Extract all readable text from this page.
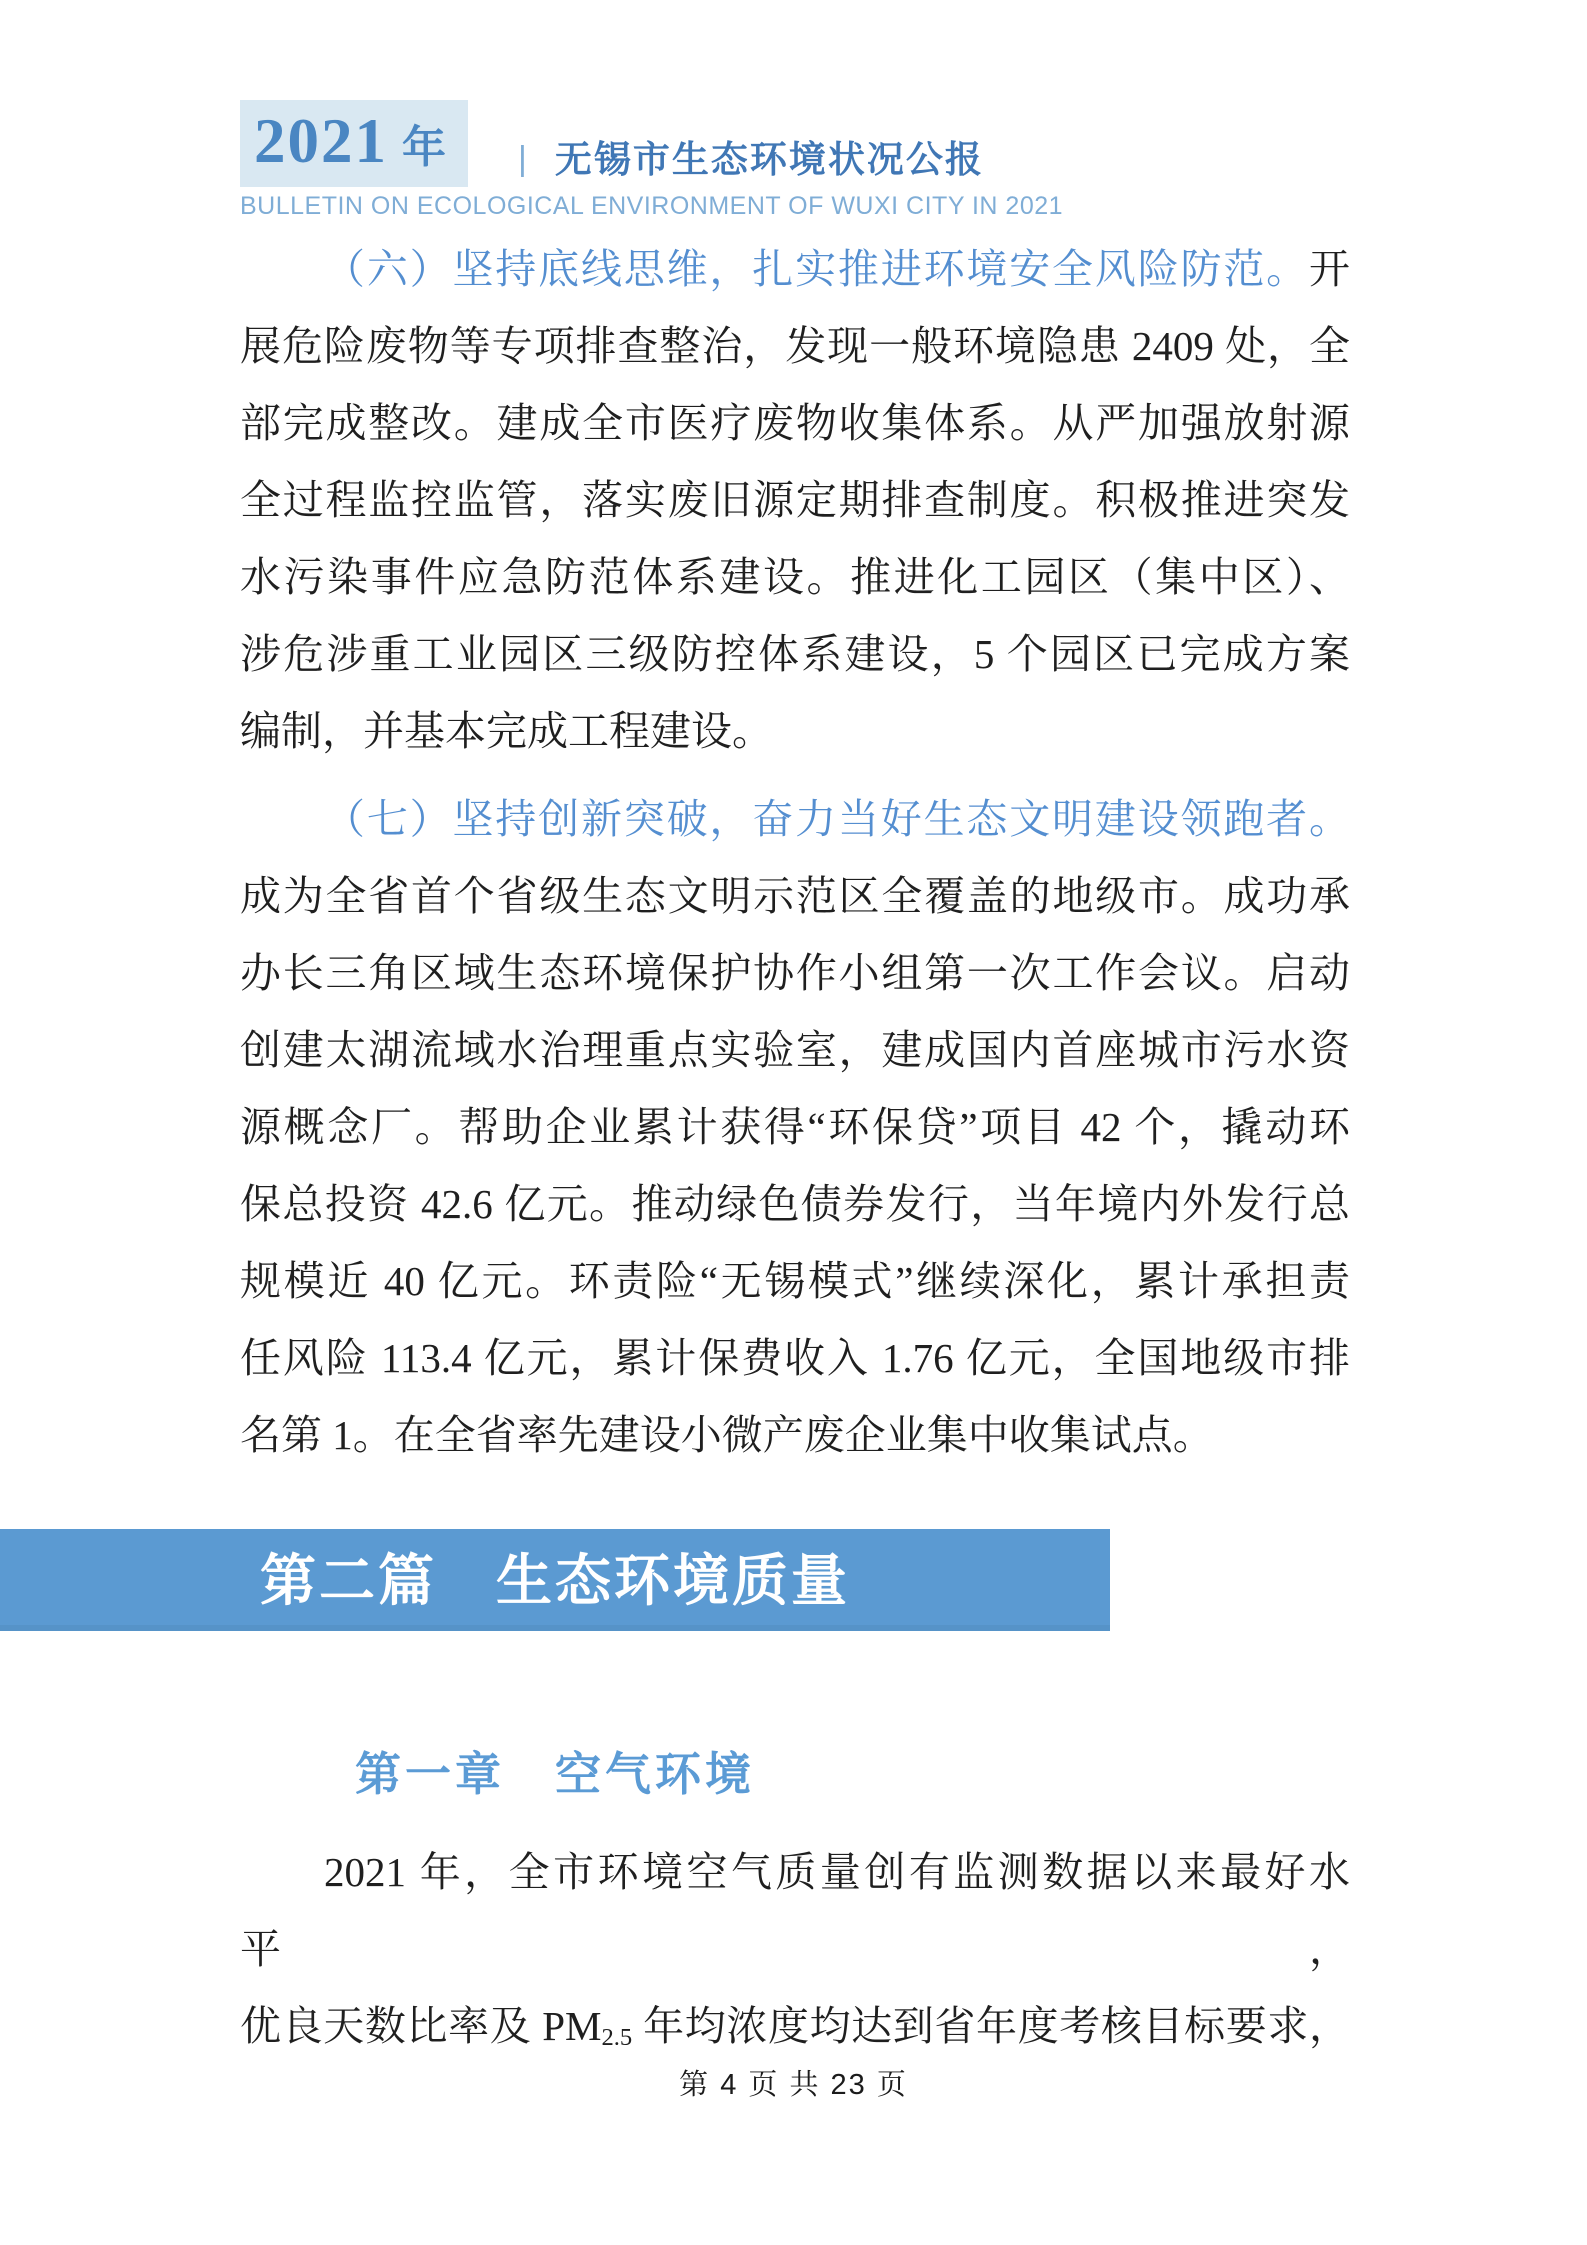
2021 年 | 无锡市生态环境状况公报
BULLETIN ON ECOLOGICAL ENVIRONMENT OF WUXI CITY IN 2021
（六）坚持底线思维，扎实推进环境安全风险防范。开
展危险废物等专项排查整治，发现一般环境隐患 2409 处，全
部完成整改。建成全市医疗废物收集体系。从严加强放射源
全过程监控监管，落实废旧源定期排查制度。积极推进突发
水污染事件应急防范体系建设。推进化工园区（集中区）、
涉危涉重工业园区三级防控体系建设，5 个园区已完成方案
编制，并基本完成工程建设。
（七）坚持创新突破，奋力当好生态文明建设领跑者。
成为全省首个省级生态文明示范区全覆盖的地级市。成功承
办长三角区域生态环境保护协作小组第一次工作会议。启动
创建太湖流域水治理重点实验室，建成国内首座城市污水资
源概念厂。帮助企业累计获得“环保贷”项目 42 个，撬动环
保总投资 42.6 亿元。推动绿色债券发行，当年境内外发行总
规模近 40 亿元。环责险“无锡模式”继续深化，累计承担责
任风险 113.4 亿元，累计保费收入 1.76 亿元，全国地级市排
名第 1。在全省率先建设小微产废企业集中收集试点。
第二篇　生态环境质量
第一章　空气环境
2021 年，全市环境空气质量创有监测数据以来最好水平，
优良天数比率及 PM2.5 年均浓度均达到省年度考核目标要求，
第 4 页 共 23 页
